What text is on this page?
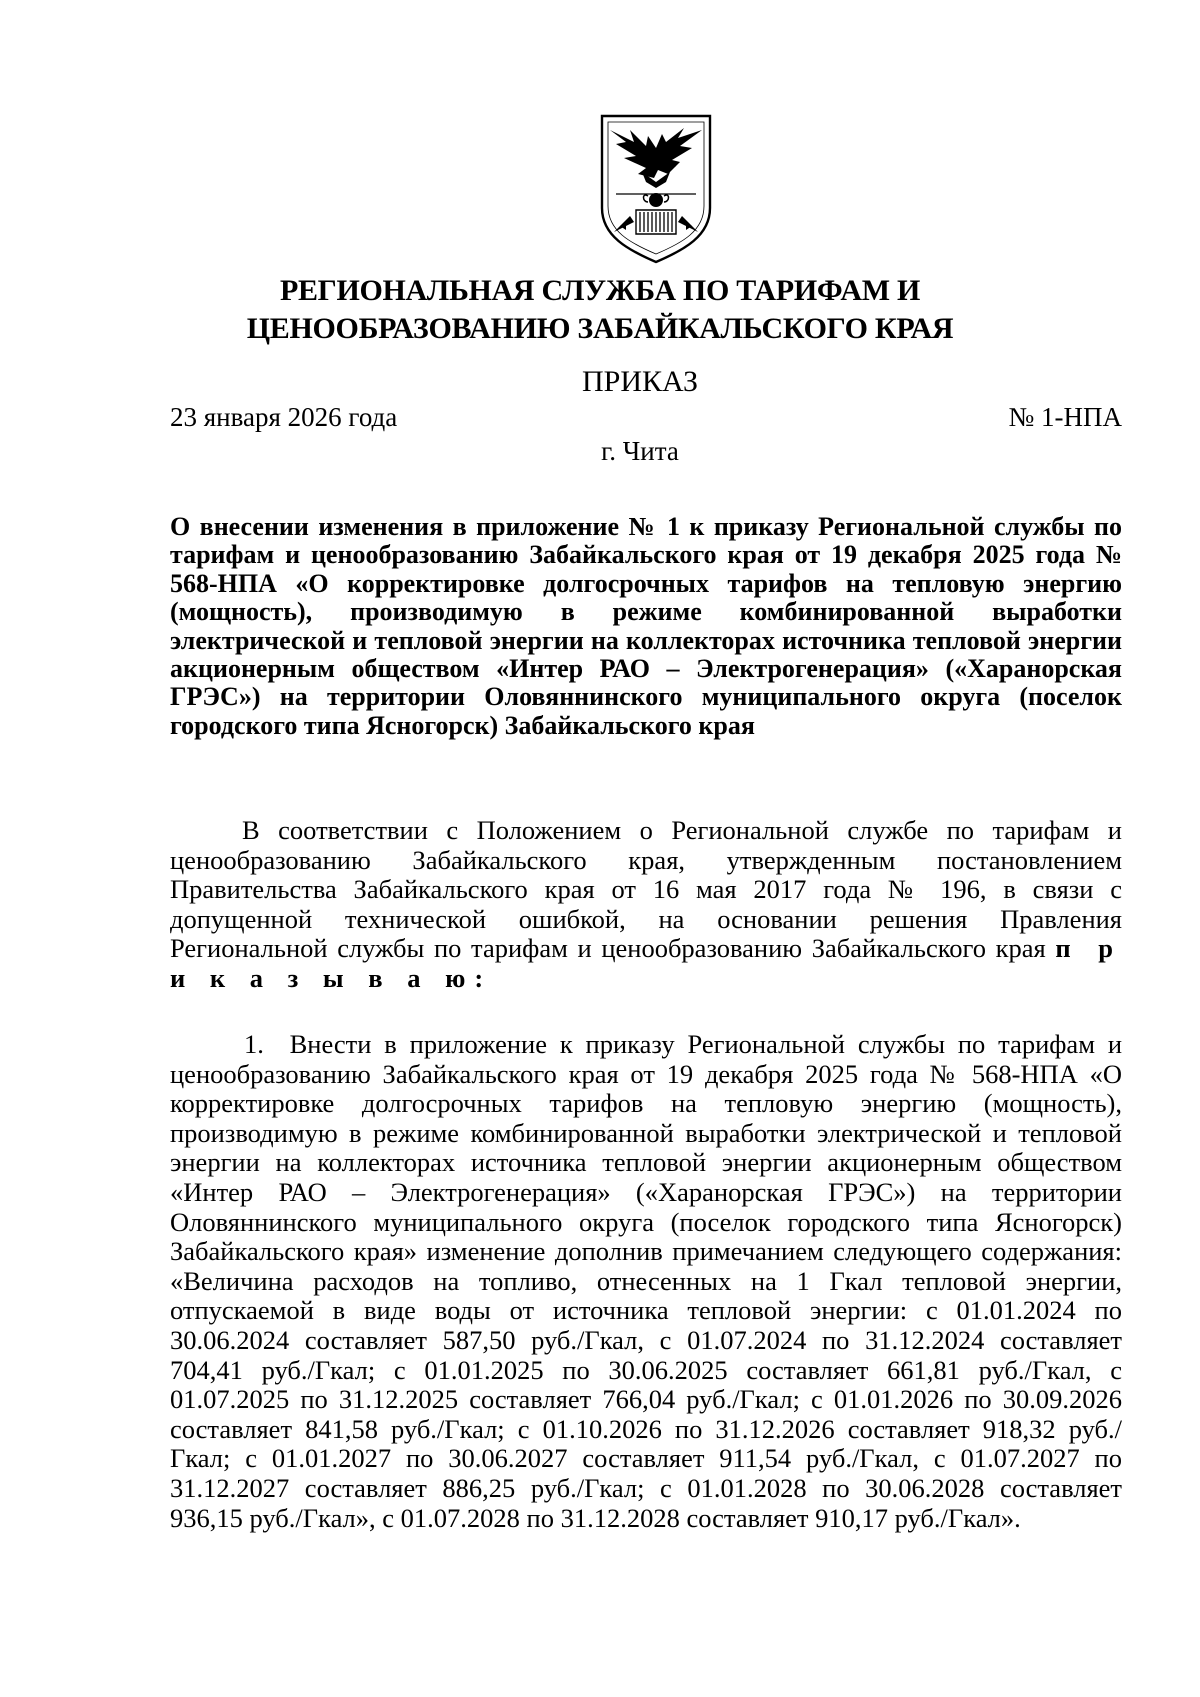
РЕГИОНАЛЬНАЯ СЛУЖБА ПО ТАРИФАМ И
ЦЕНООБРАЗОВАНИЮ ЗАБАЙКАЛЬСКОГО КРАЯ
ПРИКАЗ
23 января 2026 года	№ 1-НПА
г. Чита
О внесении изменения в приложение № 1 к приказу Региональной службы по тарифам и ценообразованию Забайкальского края от 19 декабря 2025 года № 568-НПА «О корректировке долгосрочных тарифов на тепловую энергию (мощность), производимую в режиме комбинированной выработки электрической и тепловой энергии на коллекторах источника тепловой энергии акционерным обществом «Интер РАО – Электрогенерация» («Харанорская ГРЭС») на территории Оловяннинского муниципального округа (поселок городского типа Ясногорск) Забайкальского края
В соответствии с Положением о Региональной службе по тарифам и ценообразованию Забайкальского края, утвержденным постановлением Правительства Забайкальского края от 16 мая 2017 года № 196, в связи с допущенной технической ошибкой, на основании решения Правления Региональной службы по тарифам и ценообразованию Забайкальского края п р и к а з ы в а ю:
1. Внести в приложение к приказу Региональной службы по тарифам и ценообразованию Забайкальского края от 19 декабря 2025 года № 568-НПА «О корректировке долгосрочных тарифов на тепловую энергию (мощность), производимую в режиме комбинированной выработки электрической и тепловой энергии на коллекторах источника тепловой энергии акционерным обществом «Интер РАО – Электрогенерация» («Харанорская ГРЭС») на территории Оловяннинского муниципального округа (поселок городского типа Ясногорск) Забайкальского края» изменение дополнив примечанием следующего содержания: «Величина расходов на топливо, отнесенных на 1 Гкал тепловой энергии, отпускаемой в виде воды от источника тепловой энергии: с 01.01.2024 по 30.06.2024 составляет 587,50 руб./Гкал, с 01.07.2024 по 31.12.2024 составляет 704,41 руб./Гкал; с 01.01.2025 по 30.06.2025 составляет 661,81 руб./Гкал, с 01.07.2025 по 31.12.2025 составляет 766,04 руб./Гкал; с 01.01.2026 по 30.09.2026 составляет 841,58 руб./Гкал; с 01.10.2026 по 31.12.2026 составляет 918,32 руб./Гкал; с 01.01.2027 по 30.06.2027 составляет 911,54 руб./Гкал, с 01.07.2027 по 31.12.2027 составляет 886,25 руб./Гкал; с 01.01.2028 по 30.06.2028 составляет 936,15 руб./Гкал», с 01.07.2028 по 31.12.2028 составляет 910,17 руб./Гкал».
